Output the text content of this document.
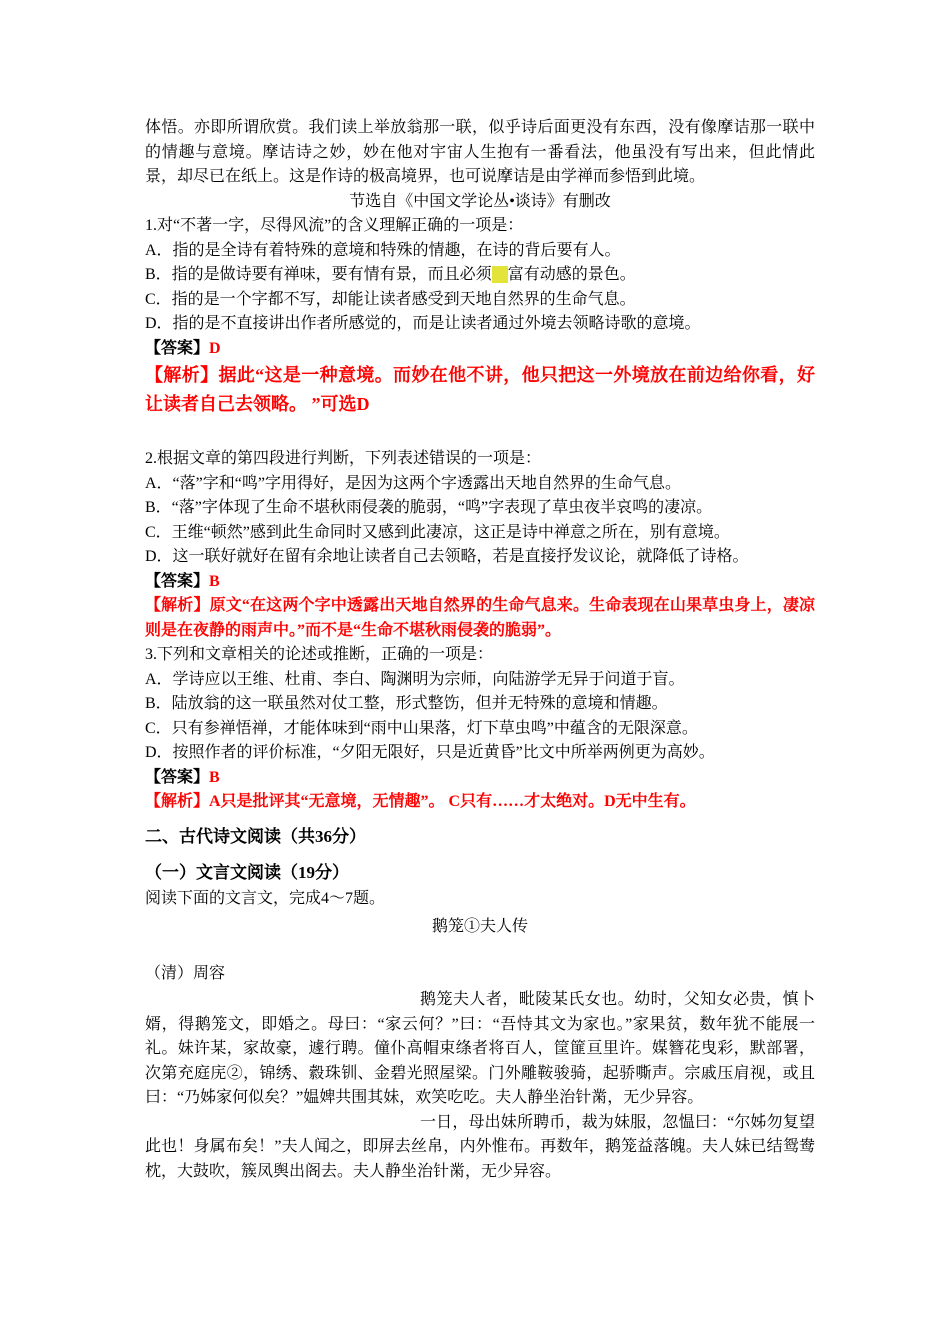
体悟。亦即所谓欣赏。我们读上举放翁那一联，似乎诗后面更没有东西，没有像摩诘那一联中的情趣与意境。摩诘诗之妙，妙在他对宇宙人生抱有一番看法，他虽没有写出来，但此情此景，却尽已在纸上。这是作诗的极高境界，也可说摩诘是由学禅而参悟到此境。
节选自《中国文学论丛•谈诗》有删改
1.对“不著一字，尽得风流”的含义理解正确的一项是：
A．指的是全诗有着特殊的意境和特殊的情趣，在诗的背后要有人。
B．指的是做诗要有禅味，要有情有景，而且必须　 富有动感的景色。
C．指的是一个字都不写，却能让读者感受到天地自然界的生命气息。
D．指的是不直接讲出作者所感觉的，而是让读者通过外境去领略诗歌的意境。
【答案】D
【解析】据此“这是一种意境。而妙在他不讲，他只把这一外境放在前边给你看，好让读者自己去领略。 ”可选D
2.根据文章的第四段进行判断，下列表述错误的一项是：
A．“落”字和“鸣”字用得好，是因为这两个字透露出天地自然界的生命气息。
B．“落”字体现了生命不堪秋雨侵袭的脆弱，“鸣”字表现了草虫夜半哀鸣的凄凉。
C．王维“顿然”感到此生命同时又感到此凄凉，这正是诗中禅意之所在，别有意境。
D．这一联好就好在留有余地让读者自己去领略，若是直接抒发议论，就降低了诗格。
【答案】B
【解析】原文“在这两个字中透露出天地自然界的生命气息来。生命表现在山果草虫身上，凄凉则是在夜静的雨声中。”而不是“生命不堪秋雨侵袭的脆弱”。
3.下列和文章相关的论述或推断，正确的一项是：
A．学诗应以王维、杜甫、李白、陶渊明为宗师，向陆游学无异于问道于盲。
B．陆放翁的这一联虽然对仗工整，形式整饬，但并无特殊的意境和情趣。
C．只有参禅悟禅，才能体味到“雨中山果落，灯下草虫鸣”中蕴含的无限深意。
D．按照作者的评价标准，“夕阳无限好，只是近黄昏”比文中所举两例更为高妙。
【答案】B
【解析】A只是批评其“无意境，无情趣”。 C只有……才太绝对。D无中生有。
二、古代诗文阅读（共36分）
（一）文言文阅读（19分）
阅读下面的文言文，完成4～7题。
鹅笼①夫人传
（清）周容
鹅笼夫人者，毗陵某氏女也。幼时，父知女必贵，慎卜婿，得鹅笼文，即婚之。母曰：“家云何？”曰：“吾恃其文为家也。”家果贫，数年犹不能展一礼。妹许某，家故豪，遽行聘。僮仆高帽束绦者将百人，筐篚亘里许。媒簪花曳彩，默部署，次第充庭庑②，锦绣、縠珠钏、金碧光照屋梁。门外雕鞍骏骑，起骄嘶声。宗戚压肩视，或且曰：“乃姊家何似矣？”媪婢共围其妹，欢笑吃吃。夫人静坐治针黹，无少异容。
一日，母出妹所聘币，裁为妹服，忽愠曰：“尔姊勿复望此也！身属布矣！”夫人闻之，即屏去丝帛，内外惟布。再数年，鹅笼益落魄。夫人妹已结鸳鸯枕，大鼓吹，簇凤舆出阁去。夫人静坐治针黹，无少异容。
